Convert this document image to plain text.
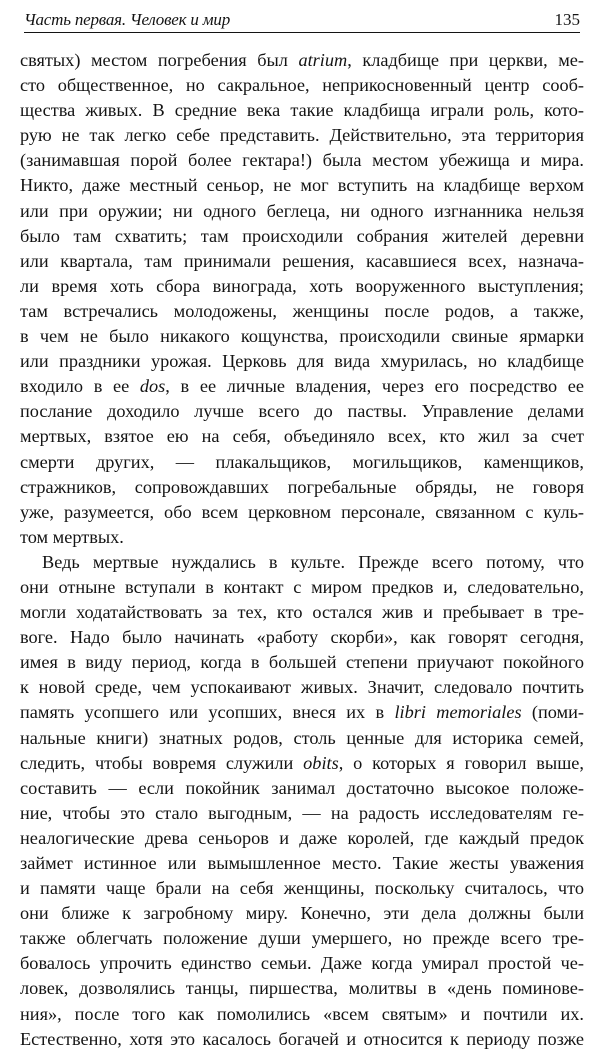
Часть первая. Человек и мир	135
святых) местом погребения был atrium, кладбище при церкви, ме-
сто общественное, но сакральное, неприкосновенный центр сооб-
щества живых. В средние века такие кладбища играли роль, кото-
рую не так легко себе представить. Действительно, эта территория
(занимавшая порой более гектара!) была местом убежища и мира.
Никто, даже местный сеньор, не мог вступить на кладбище верхом
или при оружии; ни одного беглеца, ни одного изгнанника нельзя
было там схватить; там происходили собрания жителей деревни
или квартала, там принимали решения, касавшиеся всех, назнача-
ли время хоть сбора винограда, хоть вооруженного выступления;
там встречались молодожены, женщины после родов, а также,
в чем не было никакого кощунства, происходили свиные ярмарки
или праздники урожая. Церковь для вида хмурилась, но кладбище
входило в ее dos, в ее личные владения, через его посредство ее
послание доходило лучше всего до паствы. Управление делами
мертвых, взятое ею на себя, объединяло всех, кто жил за счет
смерти других, — плакальщиков, могильщиков, каменщиков,
стражников, сопровождавших погребальные обряды, не говоря
уже, разумеется, обо всем церковном персонале, связанном с куль-
том мертвых.
Ведь мертвые нуждались в культе. Прежде всего потому, что
они отныне вступали в контакт с миром предков и, следовательно,
могли ходатайствовать за тех, кто остался жив и пребывает в тре-
воге. Надо было начинать «работу скорби», как говорят сегодня,
имея в виду период, когда в большей степени приучают покойного
к новой среде, чем успокаивают живых. Значит, следовало почтить
память усопшего или усопших, внеся их в libri memoriales (поми-
нальные книги) знатных родов, столь ценные для историка семей,
следить, чтобы вовремя служили obits, о которых я говорил выше,
составить — если покойник занимал достаточно высокое положе-
ние, чтобы это стало выгодным, — на радость исследователям ге-
неалогические древа сеньоров и даже королей, где каждый предок
займет истинное или вымышленное место. Такие жесты уважения
и памяти чаще брали на себя женщины, поскольку считалось, что
они ближе к загробному миру. Конечно, эти дела должны были
также облегчать положение души умершего, но прежде всего тре-
бовалось упрочить единство семьи. Даже когда умирал простой че-
ловек, дозволялись танцы, пиршества, молитвы в «день поминове-
ния», после того как помолились «всем святым» и почтили их.
Естественно, хотя это касалось богачей и относится к периоду позже
